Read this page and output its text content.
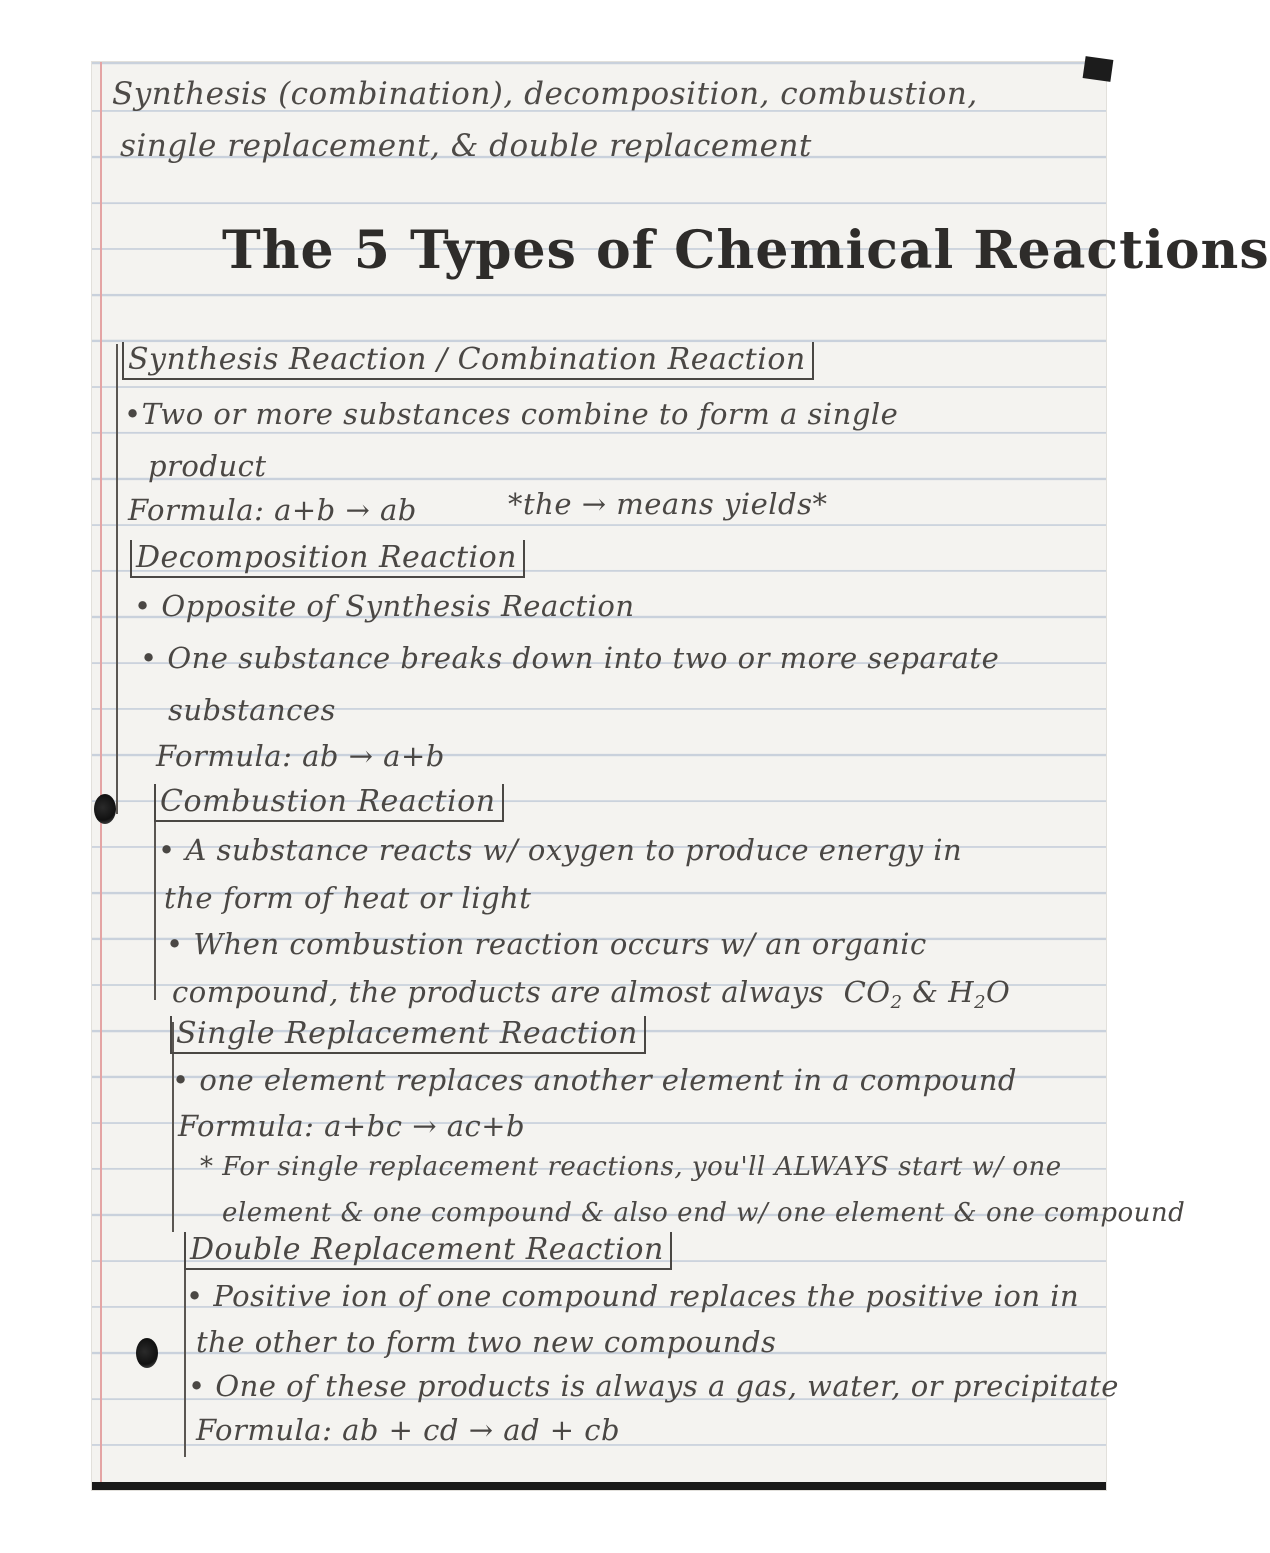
Synthesis (combination), decomposition, combustion,
single replacement, & double replacement
The 5 Types of Chemical Reactions
Synthesis Reaction / Combination Reaction
•Two or more substances combine to form a single
product
Formula: a+b → ab	*the → means yields*
Decomposition Reaction
• Opposite of Synthesis Reaction
• One substance breaks down into two or more separate
substances
Formula: ab → a+b
Combustion Reaction
• A substance reacts w/ oxygen to produce energy in
the form of heat or light
• When combustion reaction occurs w/ an organic
compound, the products are almost always $CO_2$ & $H_2O$
Single Replacement Reaction
• one element replaces another element in a compound
Formula: a+bc → ac+b
* For single replacement reactions, you'll ALWAYS start w/ one
element & one compound & also end w/ one element & one compound
Double Replacement Reaction
• Positive ion of one compound replaces the positive ion in
the other to form two new compounds
• One of these products is always a gas, water, or precipitate
Formula: ab + cd → ad + cb
